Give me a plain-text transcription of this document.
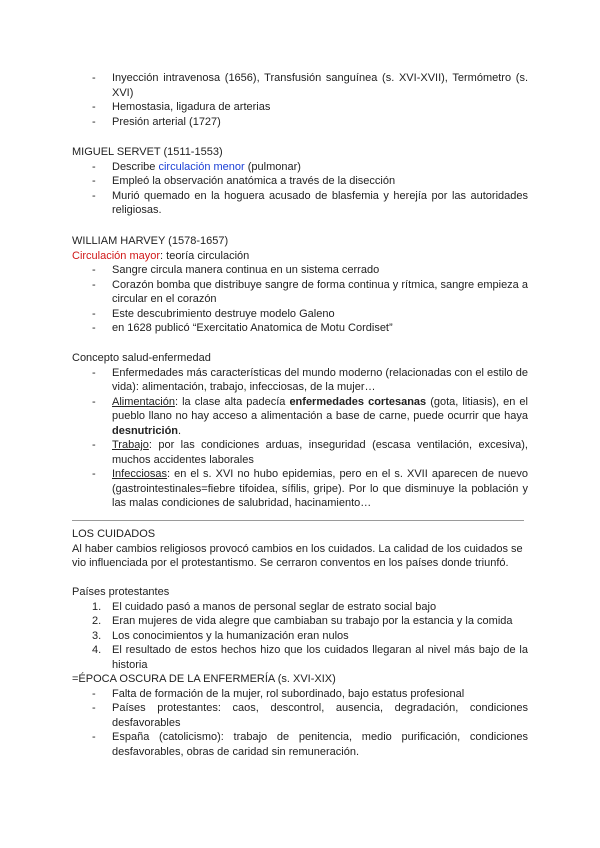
- Inyección intravenosa (1656), Transfusión sanguínea (s. XVI-XVII), Termómetro (s. XVI)
- Hemostasia, ligadura de arterias
- Presión arterial (1727)

MIGUEL SERVET (1511-1553)

- Describe circulación menor (pulmonar)
- Empleó la observación anatómica a través de la disección
- Murió quemado en la hoguera acusado de blasfemia y herejía por las autoridades religiosas.

WILLIAM HARVEY (1578-1657)

Circulación mayor: teoría circulación

- Sangre circula manera continua en un sistema cerrado
- Corazón bomba que distribuye sangre de forma continua y rítmica, sangre empieza a circular en el corazón
- Este descubrimiento destruye modelo Galeno
- en 1628 publicó “Exercitatio Anatomica de Motu Cordiset”

Concepto salud-enfermedad

- Enfermedades más características del mundo moderno (relacionadas con el estilo de vida): alimentación, trabajo, infecciosas, de la mujer…
- Alimentación: la clase alta padecía enfermedades cortesanas (gota, litiasis), en el pueblo llano no hay acceso a alimentación a base de carne, puede ocurrir que haya desnutrición.
- Trabajo: por las condiciones arduas, inseguridad (escasa ventilación, excesiva), muchos accidentes laborales
- Infecciosas: en el s. XVI no hubo epidemias, pero en el s. XVII aparecen de nuevo (gastrointestinales=fiebre tifoidea, sífilis, gripe). Por lo que disminuye la población y las malas condiciones de salubridad, hacinamiento…

LOS CUIDADOS

Al haber cambios religiosos provocó cambios en los cuidados. La calidad de los cuidados se vio influenciada por el protestantismo. Se cerraron conventos en los países donde triunfó.

Países protestantes

1. El cuidado pasó a manos de personal seglar de estrato social bajo
2. Eran mujeres de vida alegre que cambiaban su trabajo por la estancia y la comida
3. Los conocimientos y la humanización eran nulos
4. El resultado de estos hechos hizo que los cuidados llegaran al nivel más bajo de la historia

=ÉPOCA OSCURA DE LA ENFERMERÍA (s. XVI-XIX)

- Falta de formación de la mujer, rol subordinado, bajo estatus profesional
- Países protestantes: caos, descontrol, ausencia, degradación, condiciones desfavorables
- España (catolicismo): trabajo de penitencia, medio purificación, condiciones desfavorables, obras de caridad sin remuneración.
